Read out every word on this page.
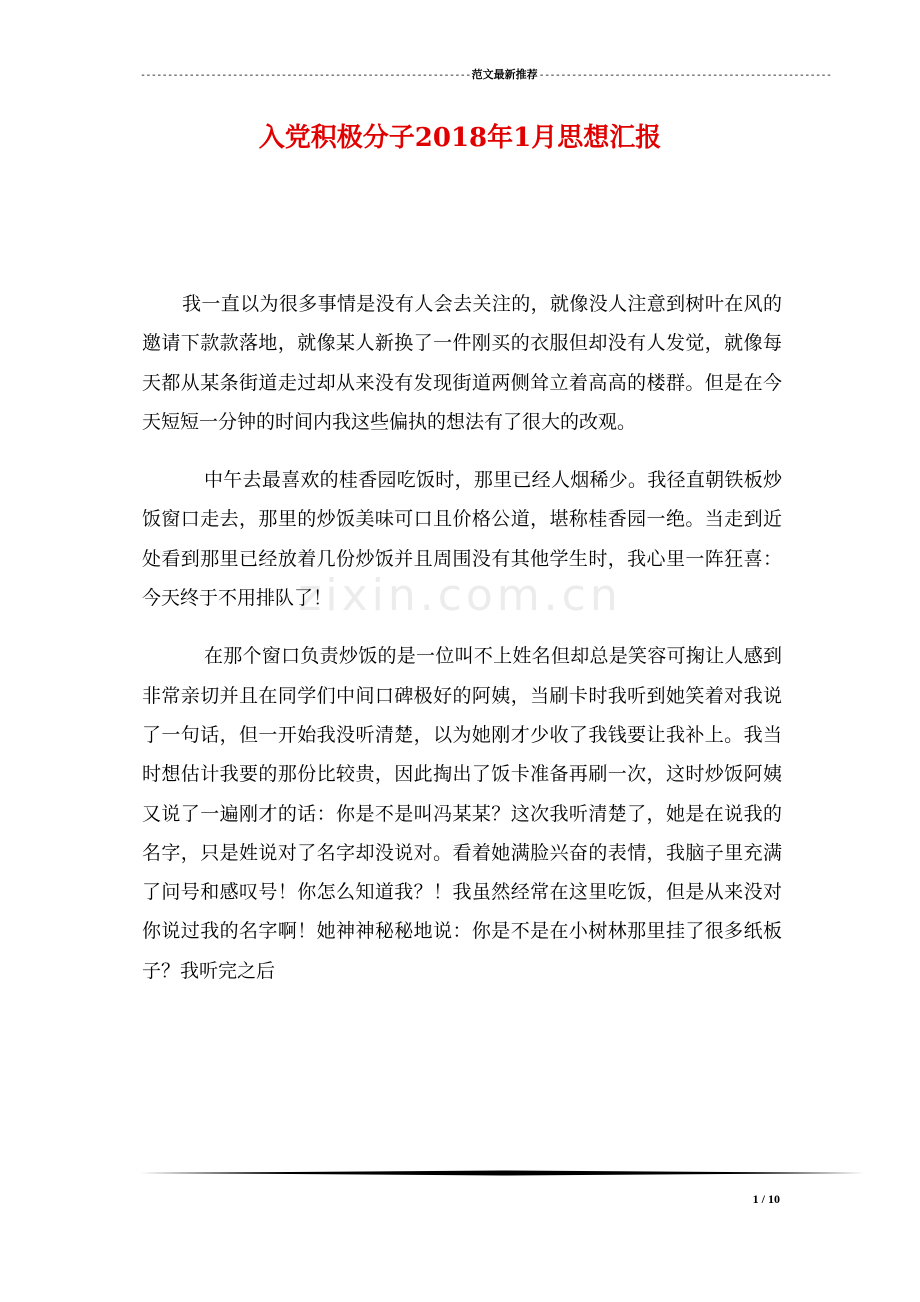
-------------------------------------------------------------范文最新推荐------------------------------------------------------
入党积极分子2018年1月思想汇报
zixin.com.cn

我一直以为很多事情是没有人会去关注的，就像没人注意到树叶在风的邀请下款款落地，就像某人新换了一件刚买的衣服但却没有人发觉，就像每天都从某条街道走过却从来没有发现街道两侧耸立着高高的楼群。但是在今天短短一分钟的时间内我这些偏执的想法有了很大的改观。

中午去最喜欢的桂香园吃饭时，那里已经人烟稀少。我径直朝铁板炒饭窗口走去，那里的炒饭美味可口且价格公道，堪称桂香园一绝。当走到近处看到那里已经放着几份炒饭并且周围没有其他学生时，我心里一阵狂喜：今天终于不用排队了！

在那个窗口负责炒饭的是一位叫不上姓名但却总是笑容可掬让人感到非常亲切并且在同学们中间口碑极好的阿姨，当刷卡时我听到她笑着对我说了一句话，但一开始我没听清楚，以为她刚才少收了我钱要让我补上。我当时想估计我要的那份比较贵，因此掏出了饭卡准备再刷一次，这时炒饭阿姨又说了一遍刚才的话：你是不是叫冯某某？这次我听清楚了，她是在说我的名字，只是姓说对了名字却没说对。看着她满脸兴奋的表情，我脑子里充满了问号和感叹号！你怎么知道我？！我虽然经常在这里吃饭，但是从来没对你说过我的名字啊！她神神秘秘地说：你是不是在小树林那里挂了很多纸板子？我听完之后

1 / 10
